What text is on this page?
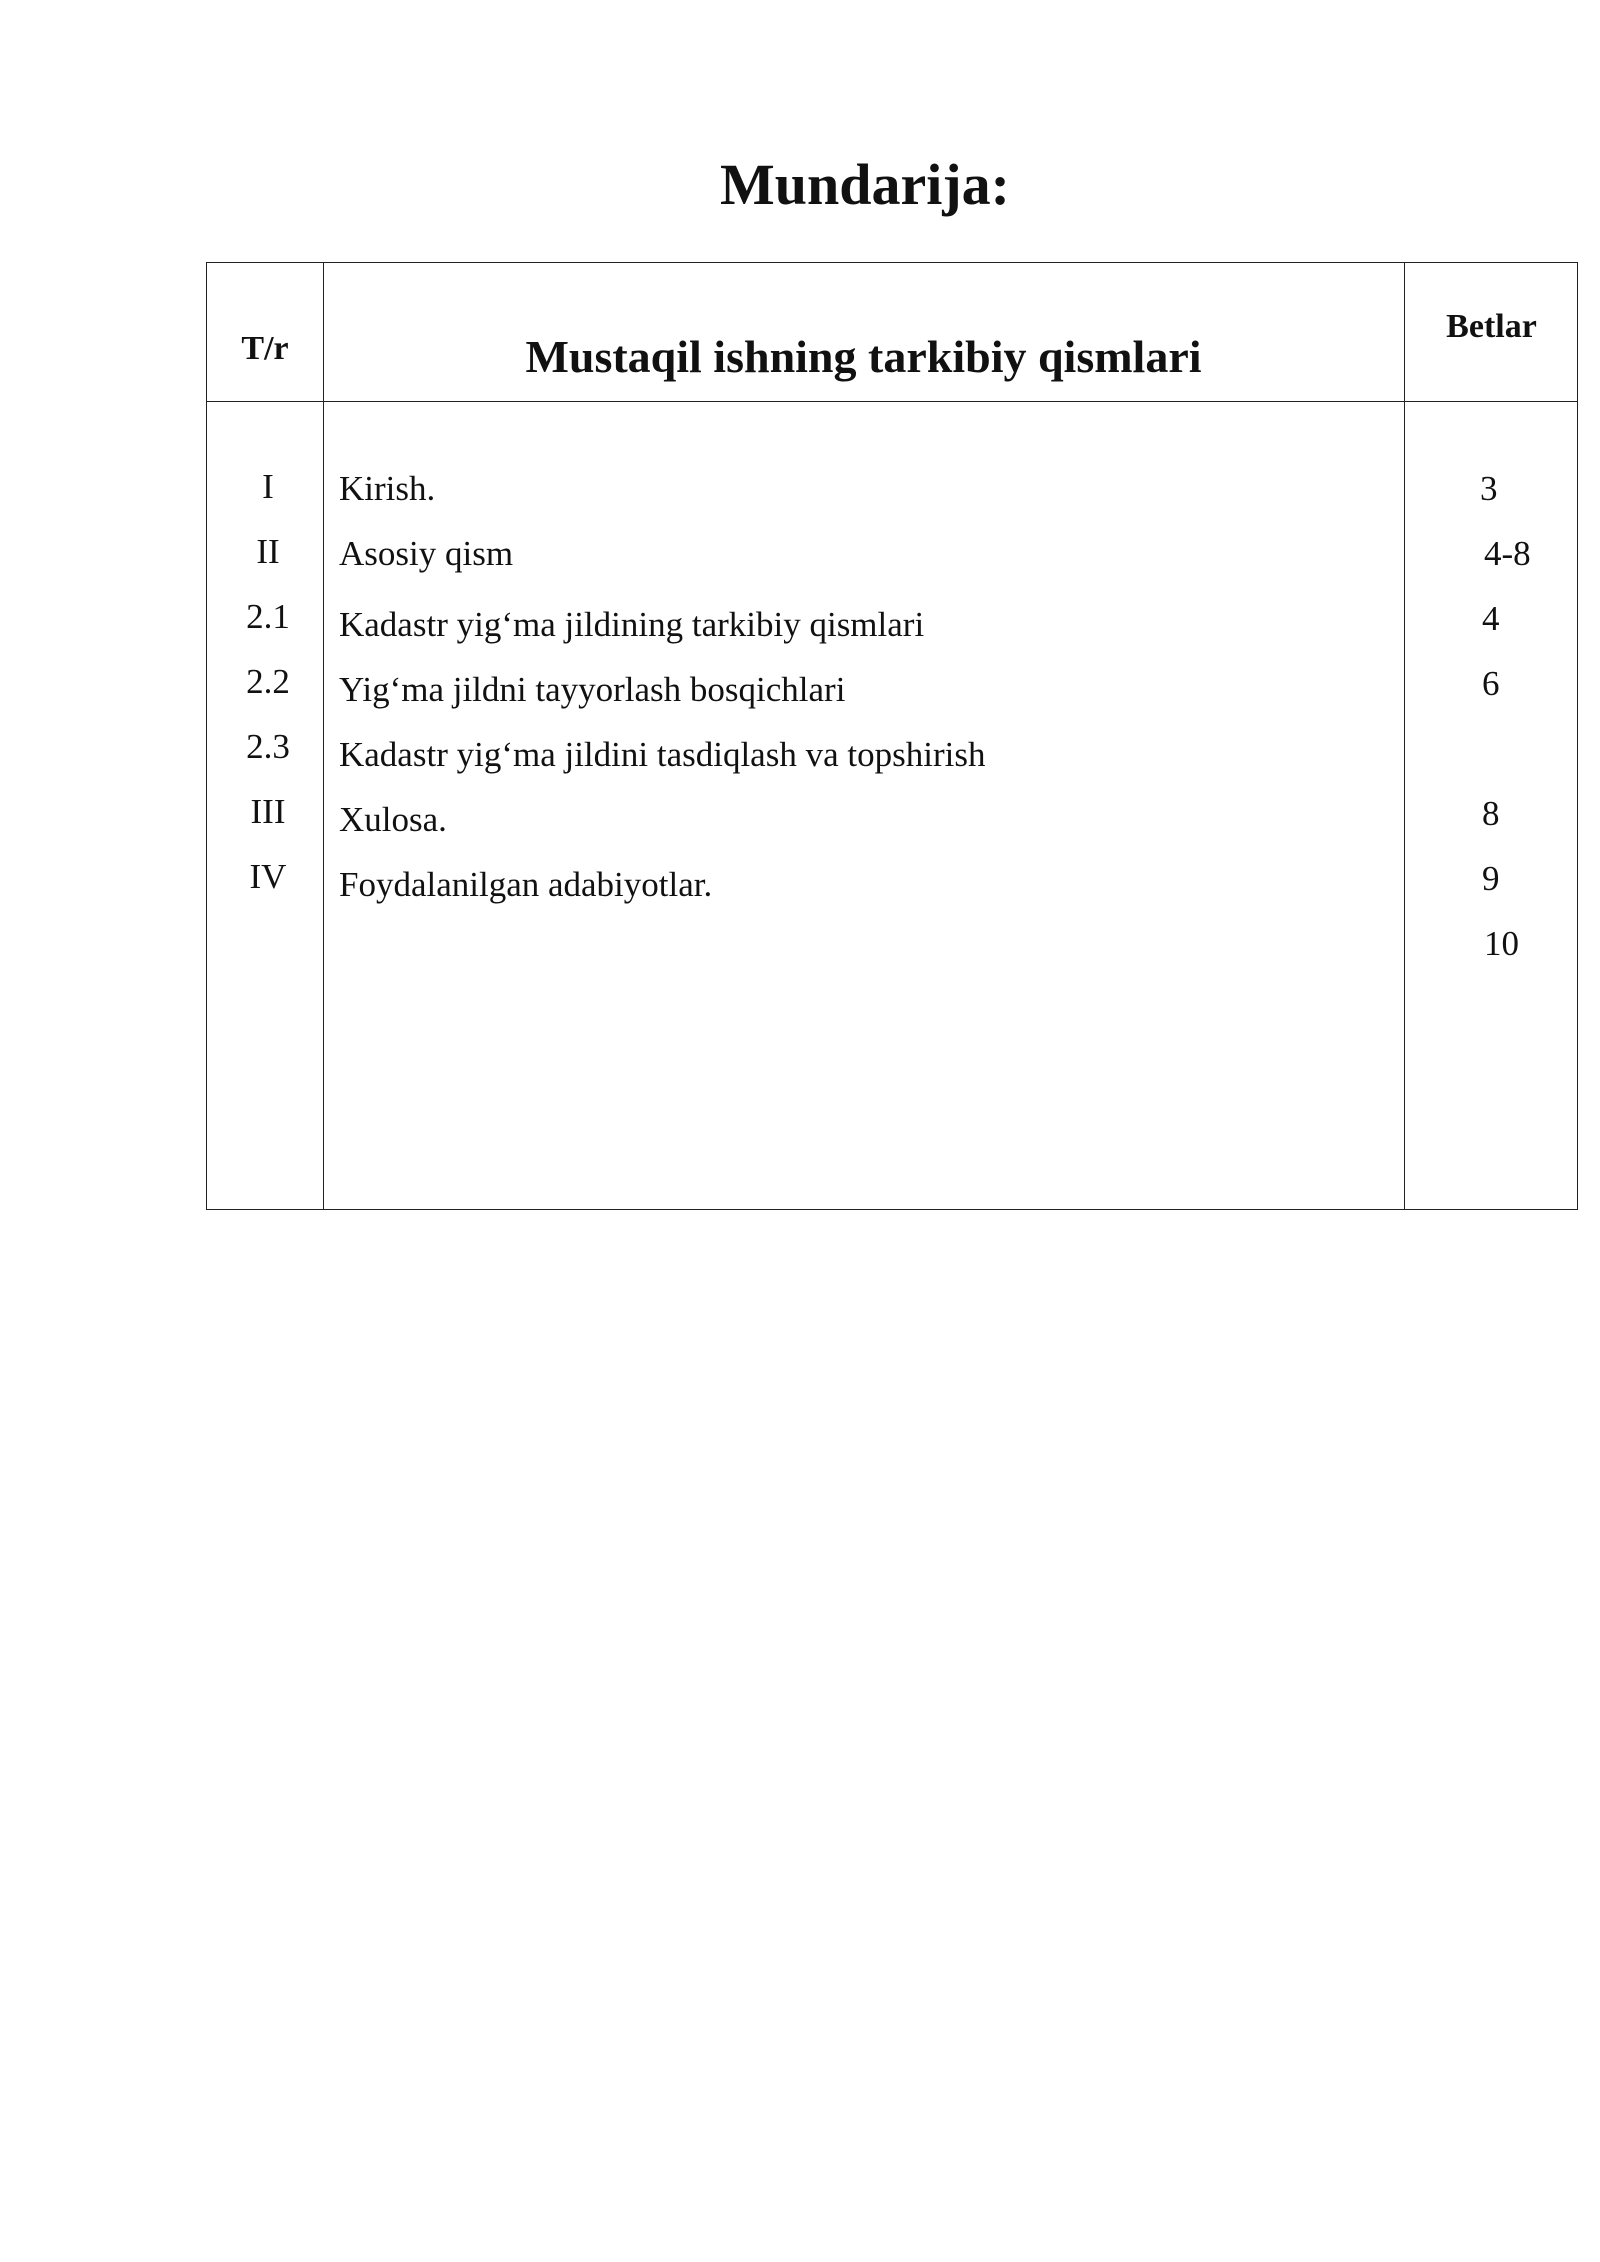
Mundarija:
T/r	Mustaqil ishning tarkibiy qismlari
Betlar
I
II
2.1
2.2
2.3
III
IV
Kirish.
Asosiy qism
Kadastr yig‘ma jildining tarkibiy qismlari
Yig‘ma jildni tayyorlash bosqichlari
Kadastr yig‘ma jildini tasdiqlash va topshirish
Xulosa.
Foydalanilgan adabiyotlar.
3
4-8
4
6
8
9
10
